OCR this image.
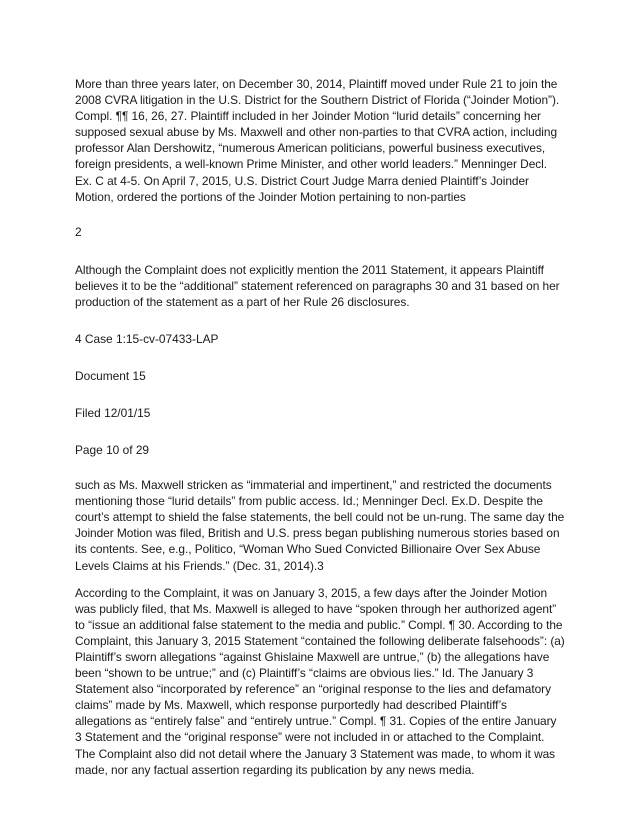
More than three years later, on December 30, 2014, Plaintiff moved under Rule 21 to join the 2008 CVRA litigation in the U.S. District for the Southern District of Florida (“Joinder Motion”). Compl. ¶¶ 16, 26, 27. Plaintiff included in her Joinder Motion “lurid details” concerning her supposed sexual abuse by Ms. Maxwell and other non-parties to that CVRA action, including professor Alan Dershowitz, “numerous American politicians, powerful business executives, foreign presidents, a well-known Prime Minister, and other world leaders.” Menninger Decl. Ex. C at 4-5. On April 7, 2015, U.S. District Court Judge Marra denied Plaintiff’s Joinder Motion, ordered the portions of the Joinder Motion pertaining to non-parties

2

Although the Complaint does not explicitly mention the 2011 Statement, it appears Plaintiff believes it to be the “additional” statement referenced on paragraphs 30 and 31 based on her production of the statement as a part of her Rule 26 disclosures.

4 Case 1:15-cv-07433-LAP

Document 15

Filed 12/01/15

Page 10 of 29

such as Ms. Maxwell stricken as “immaterial and impertinent,” and restricted the documents mentioning those “lurid details” from public access. Id.; Menninger Decl. Ex.D. Despite the court’s attempt to shield the false statements, the bell could not be un-rung. The same day the Joinder Motion was filed, British and U.S. press began publishing numerous stories based on its contents. See, e.g., Politico, “Woman Who Sued Convicted Billionaire Over Sex Abuse Levels Claims at his Friends.” (Dec. 31, 2014).3

According to the Complaint, it was on January 3, 2015, a few days after the Joinder Motion was publicly filed, that Ms. Maxwell is alleged to have “spoken through her authorized agent” to “issue an additional false statement to the media and public.” Compl. ¶ 30. According to the Complaint, this January 3, 2015 Statement “contained the following deliberate falsehoods”: (a) Plaintiff’s sworn allegations “against Ghislaine Maxwell are untrue,” (b) the allegations have been “shown to be untrue;” and (c) Plaintiff’s “claims are obvious lies.” Id. The January 3 Statement also “incorporated by reference” an “original response to the lies and defamatory claims” made by Ms. Maxwell, which response purportedly had described Plaintiff’s allegations as “entirely false” and “entirely untrue.” Compl. ¶ 31. Copies of the entire January 3 Statement and the “original response” were not included in or attached to the Complaint. The Complaint also did not detail where the January 3 Statement was made, to whom it was made, nor any factual assertion regarding its publication by any news media.
